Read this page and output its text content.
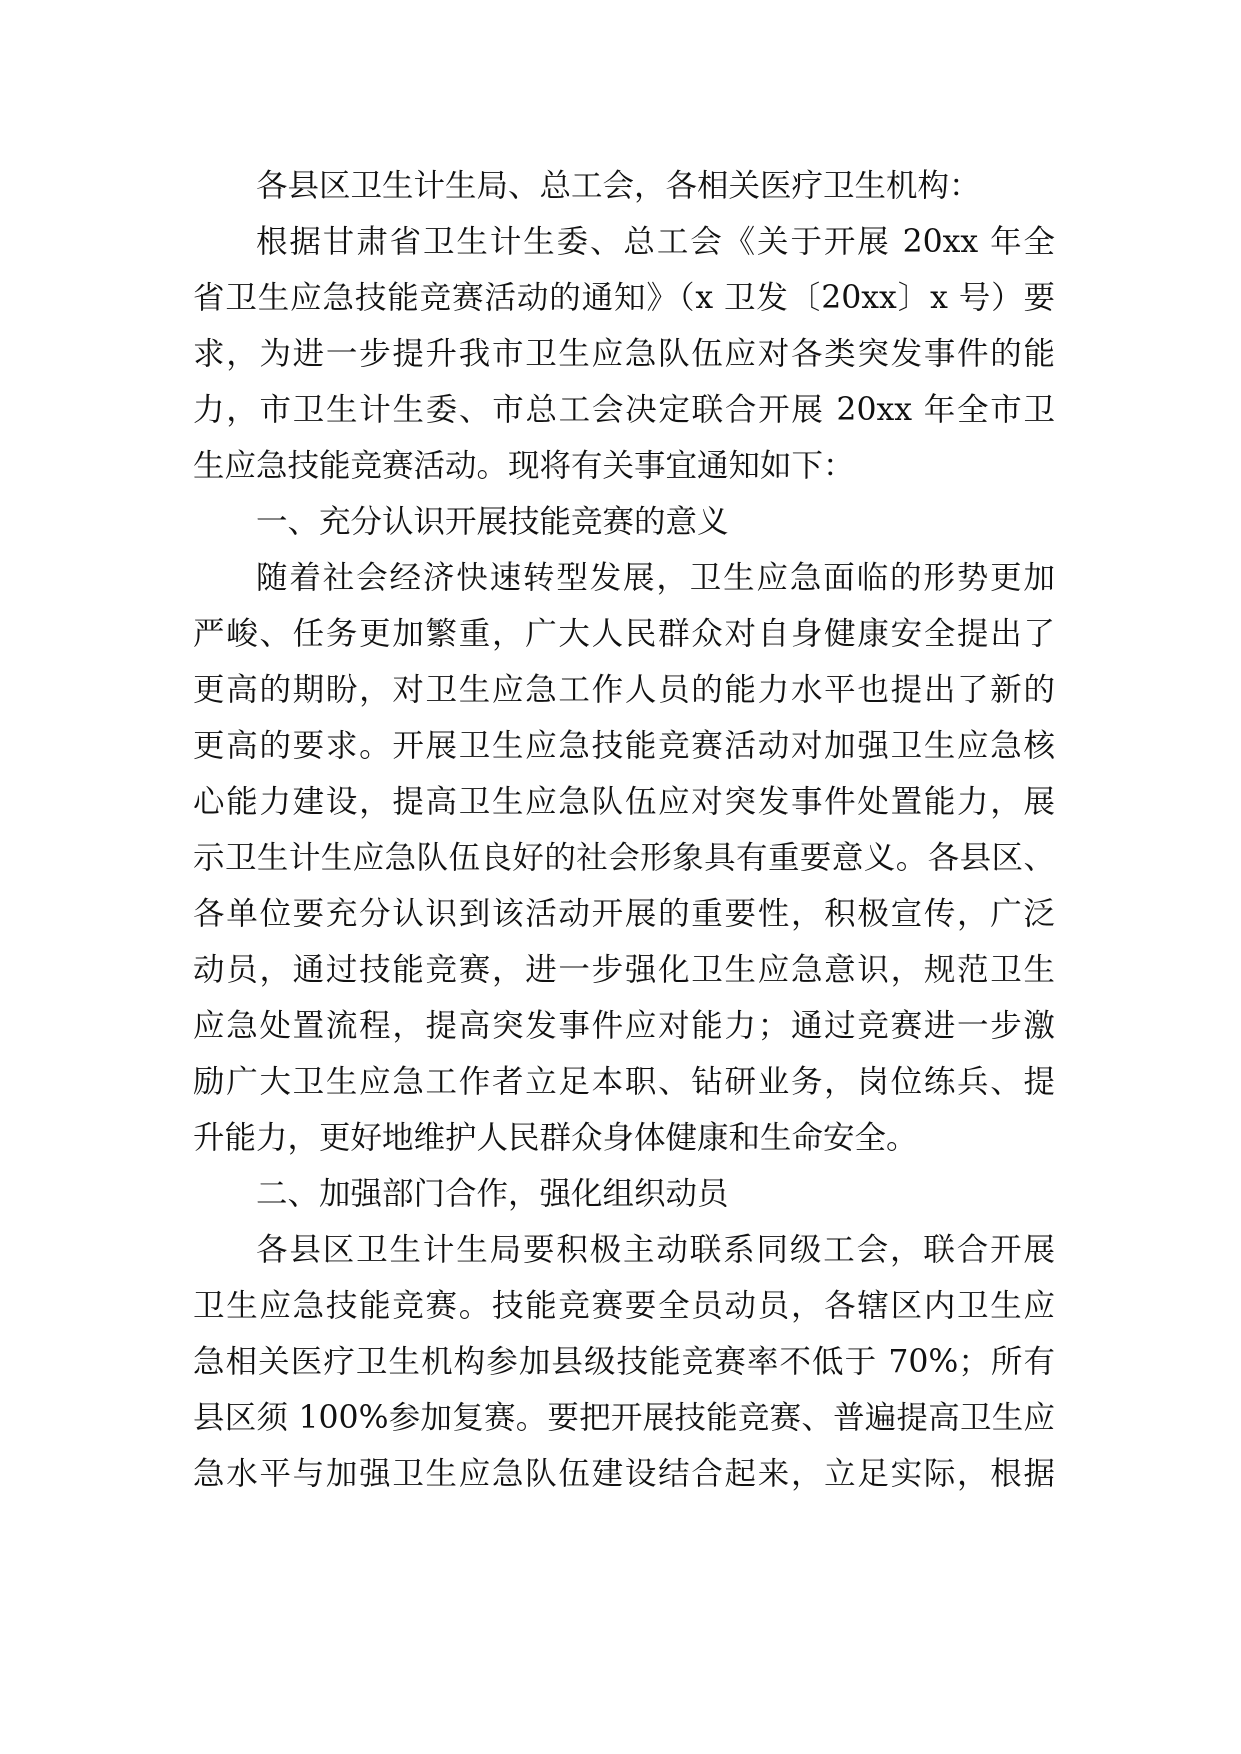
各县区卫生计生局、总工会，各相关医疗卫生机构：
根据甘肃省卫生计生委、总工会《关于开展 20xx 年全
省卫生应急技能竞赛活动的通知》（x 卫发〔20xx〕x 号）要
求，为进一步提升我市卫生应急队伍应对各类突发事件的能
力，市卫生计生委、市总工会决定联合开展 20xx 年全市卫
生应急技能竞赛活动。现将有关事宜通知如下：
一、充分认识开展技能竞赛的意义
随着社会经济快速转型发展，卫生应急面临的形势更加
严峻、任务更加繁重，广大人民群众对自身健康安全提出了
更高的期盼，对卫生应急工作人员的能力水平也提出了新的
更高的要求。开展卫生应急技能竞赛活动对加强卫生应急核
心能力建设，提高卫生应急队伍应对突发事件处置能力，展
示卫生计生应急队伍良好的社会形象具有重要意义。各县区、
各单位要充分认识到该活动开展的重要性，积极宣传，广泛
动员，通过技能竞赛，进一步强化卫生应急意识，规范卫生
应急处置流程，提高突发事件应对能力；通过竞赛进一步激
励广大卫生应急工作者立足本职、钻研业务，岗位练兵、提
升能力，更好地维护人民群众身体健康和生命安全。
二、加强部门合作，强化组织动员
各县区卫生计生局要积极主动联系同级工会，联合开展
卫生应急技能竞赛。技能竞赛要全员动员，各辖区内卫生应
急相关医疗卫生机构参加县级技能竞赛率不低于 70%；所有
县区须 100%参加复赛。要把开展技能竞赛、普遍提高卫生应
急水平与加强卫生应急队伍建设结合起来，立足实际，根据
